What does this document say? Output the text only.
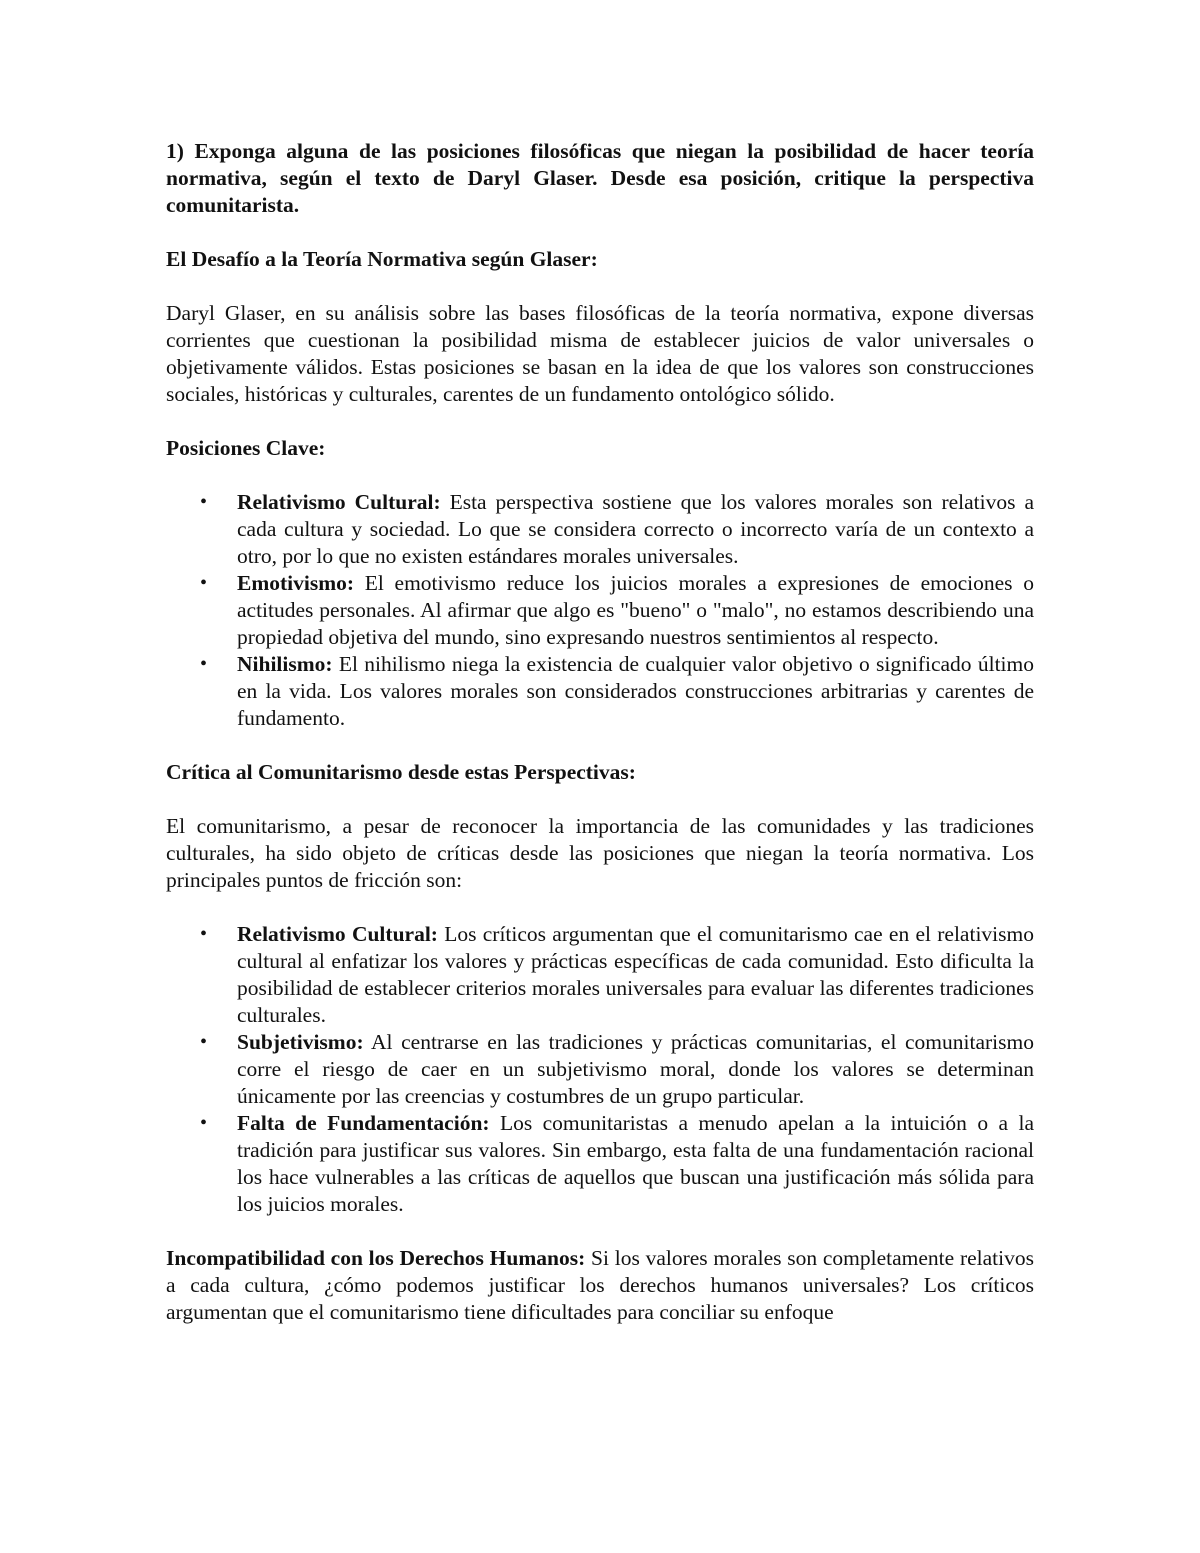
1) Exponga alguna de las posiciones filosóficas que niegan la posibilidad de hacer teoría normativa, según el texto de Daryl Glaser. Desde esa posición, critique la perspectiva comunitarista.

El Desafío a la Teoría Normativa según Glaser:

Daryl Glaser, en su análisis sobre las bases filosóficas de la teoría normativa, expone diversas corrientes que cuestionan la posibilidad misma de establecer juicios de valor universales o objetivamente válidos. Estas posiciones se basan en la idea de que los valores son construcciones sociales, históricas y culturales, carentes de un fundamento ontológico sólido.

Posiciones Clave:

• Relativismo Cultural: Esta perspectiva sostiene que los valores morales son relativos a cada cultura y sociedad. Lo que se considera correcto o incorrecto varía de un contexto a otro, por lo que no existen estándares morales universales.
• Emotivismo: El emotivismo reduce los juicios morales a expresiones de emociones o actitudes personales. Al afirmar que algo es "bueno" o "malo", no estamos describiendo una propiedad objetiva del mundo, sino expresando nuestros sentimientos al respecto.
• Nihilismo: El nihilismo niega la existencia de cualquier valor objetivo o significado último en la vida. Los valores morales son considerados construcciones arbitrarias y carentes de fundamento.

Crítica al Comunitarismo desde estas Perspectivas:

El comunitarismo, a pesar de reconocer la importancia de las comunidades y las tradiciones culturales, ha sido objeto de críticas desde las posiciones que niegan la teoría normativa. Los principales puntos de fricción son:

• Relativismo Cultural: Los críticos argumentan que el comunitarismo cae en el relativismo cultural al enfatizar los valores y prácticas específicas de cada comunidad. Esto dificulta la posibilidad de establecer criterios morales universales para evaluar las diferentes tradiciones culturales.
• Subjetivismo: Al centrarse en las tradiciones y prácticas comunitarias, el comunitarismo corre el riesgo de caer en un subjetivismo moral, donde los valores se determinan únicamente por las creencias y costumbres de un grupo particular.
• Falta de Fundamentación: Los comunitaristas a menudo apelan a la intuición o a la tradición para justificar sus valores. Sin embargo, esta falta de una fundamentación racional los hace vulnerables a las críticas de aquellos que buscan una justificación más sólida para los juicios morales.

Incompatibilidad con los Derechos Humanos: Si los valores morales son completamente relativos a cada cultura, ¿cómo podemos justificar los derechos humanos universales? Los críticos argumentan que el comunitarismo tiene dificultades para conciliar su enfoque
